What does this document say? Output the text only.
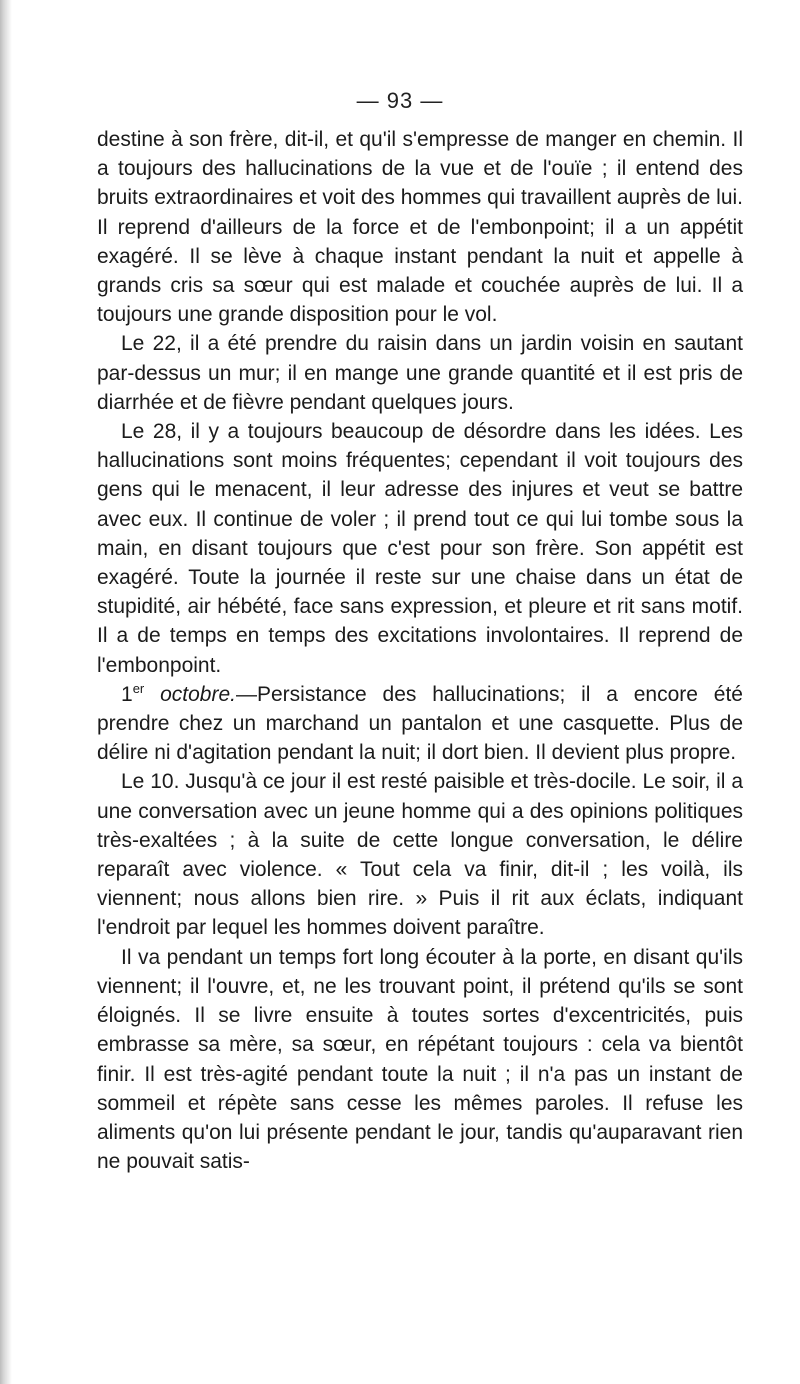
— 93 —

destine à son frère, dit-il, et qu'il s'empresse de manger en chemin. Il a toujours des hallucinations de la vue et de l'ouïe ; il entend des bruits extraordinaires et voit des hommes qui travaillent auprès de lui. Il reprend d'ailleurs de la force et de l'embonpoint; il a un appétit exagéré. Il se lève à chaque instant pendant la nuit et appelle à grands cris sa sœur qui est malade et couchée auprès de lui. Il a toujours une grande disposition pour le vol.

Le 22, il a été prendre du raisin dans un jardin voisin en sautant par-dessus un mur; il en mange une grande quantité et il est pris de diarrhée et de fièvre pendant quelques jours.

Le 28, il y a toujours beaucoup de désordre dans les idées. Les hallucinations sont moins fréquentes; cependant il voit toujours des gens qui le menacent, il leur adresse des injures et veut se battre avec eux. Il continue de voler ; il prend tout ce qui lui tombe sous la main, en disant toujours que c'est pour son frère. Son appétit est exagéré. Toute la journée il reste sur une chaise dans un état de stupidité, air hébété, face sans expression, et pleure et rit sans motif. Il a de temps en temps des excitations involontaires. Il reprend de l'embonpoint.

1er octobre.—Persistance des hallucinations; il a encore été prendre chez un marchand un pantalon et une casquette. Plus de délire ni d'agitation pendant la nuit; il dort bien. Il devient plus propre.

Le 10. Jusqu'à ce jour il est resté paisible et très-docile. Le soir, il a une conversation avec un jeune homme qui a des opinions politiques très-exaltées ; à la suite de cette longue conversation, le délire reparaît avec violence. « Tout cela va finir, dit-il ; les voilà, ils viennent; nous allons bien rire. » Puis il rit aux éclats, indiquant l'endroit par lequel les hommes doivent paraître.

Il va pendant un temps fort long écouter à la porte, en disant qu'ils viennent; il l'ouvre, et, ne les trouvant point, il prétend qu'ils se sont éloignés. Il se livre ensuite à toutes sortes d'excentricités, puis embrasse sa mère, sa sœur, en répétant toujours : cela va bientôt finir. Il est très-agité pendant toute la nuit ; il n'a pas un instant de sommeil et répète sans cesse les mêmes paroles. Il refuse les aliments qu'on lui présente pendant le jour, tandis qu'auparavant rien ne pouvait satis-
